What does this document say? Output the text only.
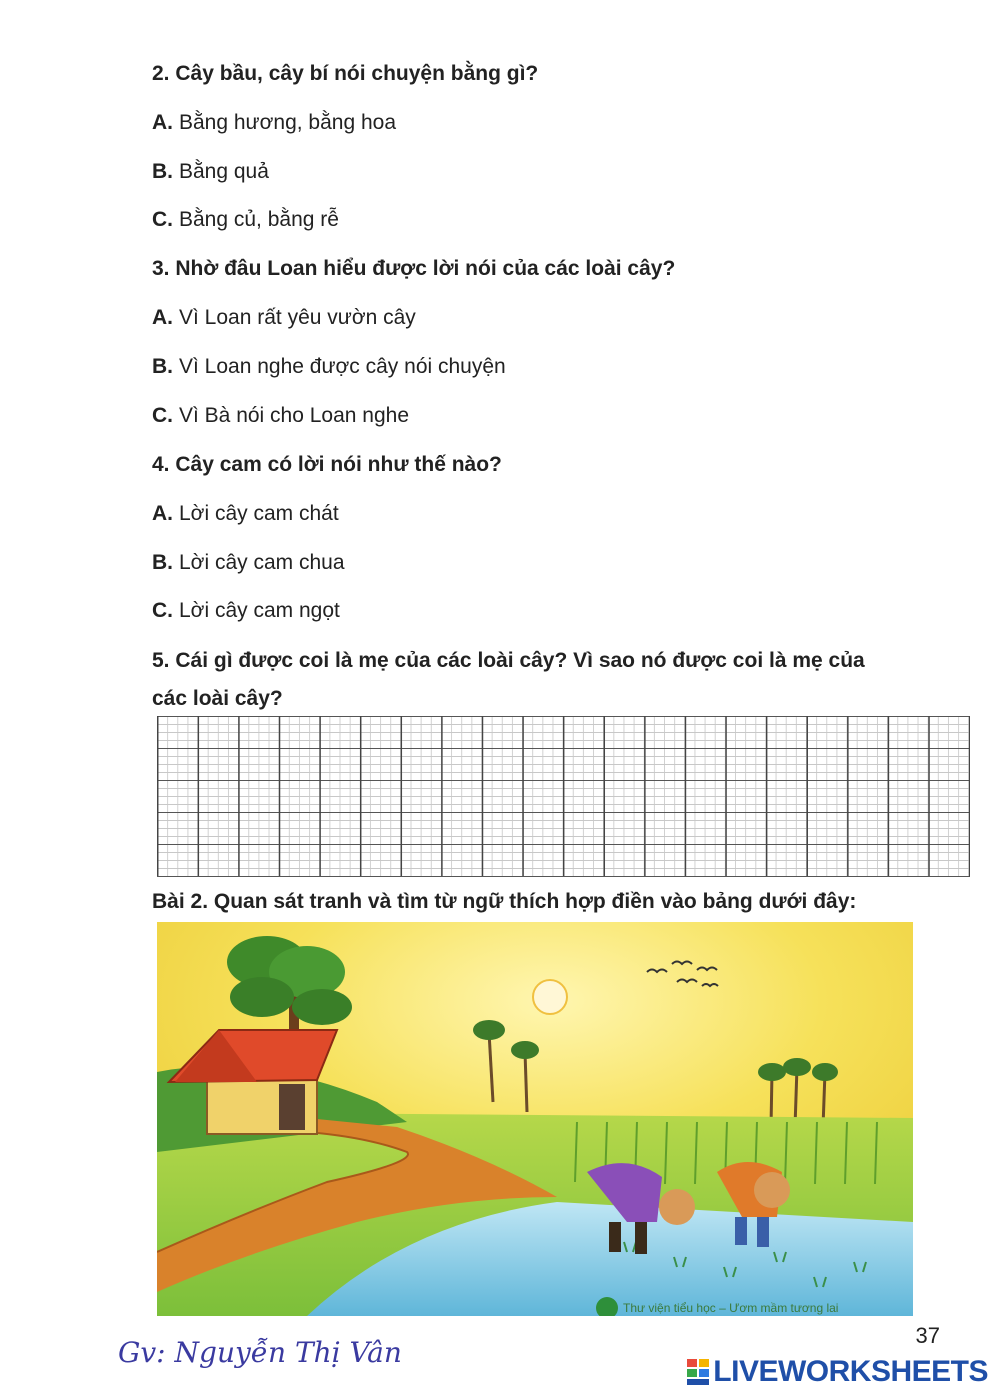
2. Cây bầu, cây bí nói chuyện bằng gì?
A. Bằng hương, bằng hoa
B. Bằng quả
C. Bằng củ, bằng rễ
3. Nhờ đâu Loan hiểu được lời nói của các loài cây?
A. Vì Loan rất yêu vườn cây
B. Vì Loan nghe được cây nói chuyện
C. Vì Bà nói cho Loan nghe
4. Cây cam có lời nói như thế nào?
A. Lời cây cam chát
B. Lời cây cam chua
C. Lời cây cam ngọt
5. Cái gì được coi là mẹ của các loài cây? Vì sao nó được coi là mẹ của
các loài cây?
Bài 2. Quan sát tranh và tìm từ ngữ thích hợp điền vào bảng dưới đây:
Thư viện tiểu học – Ươm mầm tương lai
37
Gv: Nguyễn Thị Vân
LIVEWORKSHEETS
